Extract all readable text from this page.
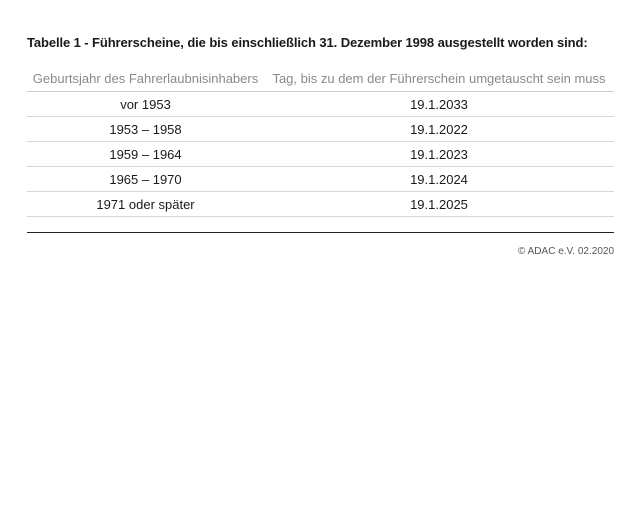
Tabelle 1 - Führerscheine, die bis einschließlich 31. Dezember 1998 ausgestellt worden sind:
Geburtsjahr des Fahrerlaubnisinhabers	Tag, bis zu dem der Führerschein umgetauscht sein muss
vor 1953	19.1.2033
1953 – 1958	19.1.2022
1959 – 1964	19.1.2023
1965 – 1970	19.1.2024
1971 oder später	19.1.2025
© ADAC e.V. 02.2020
